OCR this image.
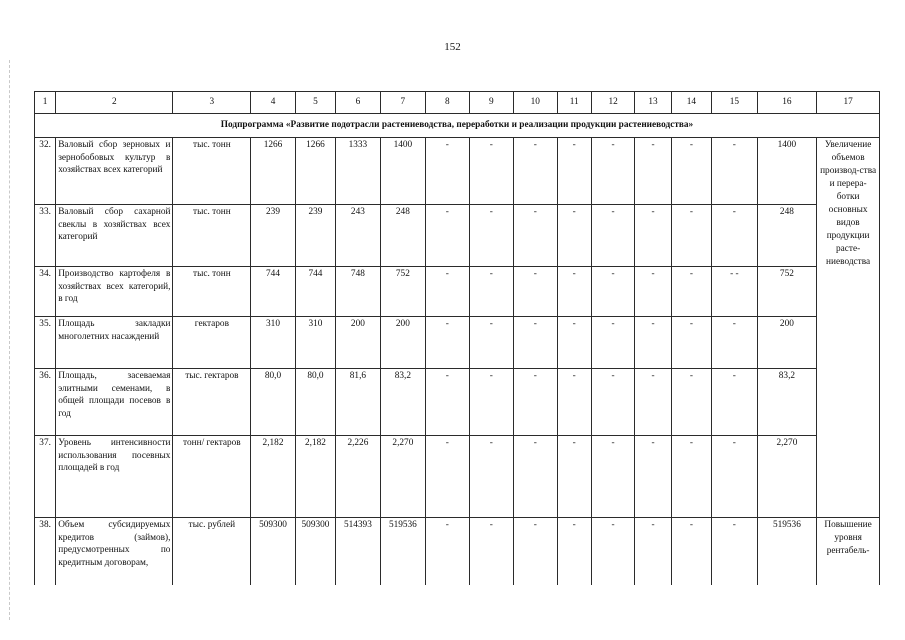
152
1	2	3	4	5	6	7	8	9	10	11	12	13	14	15	16	17
Подпрограмма «Развитие подотрасли растениеводства, переработки и реализации продукции растениеводства»																
32.	Валовый сбор зерновых и зернобобовых культур в хозяйствах всех категорий	тыс. тонн	1266	1266	1333	1400	-	-	-	-	-	-	-	-	1400	Увеличение объемов производ-ства и перера-ботки основных видов продукции расте-ниеводства
33.	Валовый сбор сахарной свеклы в хозяйствах всех категорий	тыс. тонн	239	239	243	248	-	-	-	-	-	-	-	-	248	
34.	Производство картофеля в хозяйствах всех категорий, в год	тыс. тонн	744	744	748	752	-	-	-	-	-	-	-	- -	752	
35.	Площадь закладки многолетних насаждений	гектаров	310	310	200	200	-	-	-	-	-	-	-	-	200	
36.	Площадь, засеваемая элитными семенами, в общей площади посевов в год	тыс. гектаров	80,0	80,0	81,6	83,2	-	-	-	-	-	-	-	-	83,2	
37.	Уровень интенсивности использования посевных площадей в год	тонн/ гектаров	2,182	2,182	2,226	2,270	-	-	-	-	-	-	-	-	2,270	
38.	Объем субсидируемых кредитов (займов), предусмотренных по кредитным договорам,	тыс. рублей	509300	509300	514393	519536	-	-	-	-	-	-	-	-	519536	Повышение уровня рентабель-
